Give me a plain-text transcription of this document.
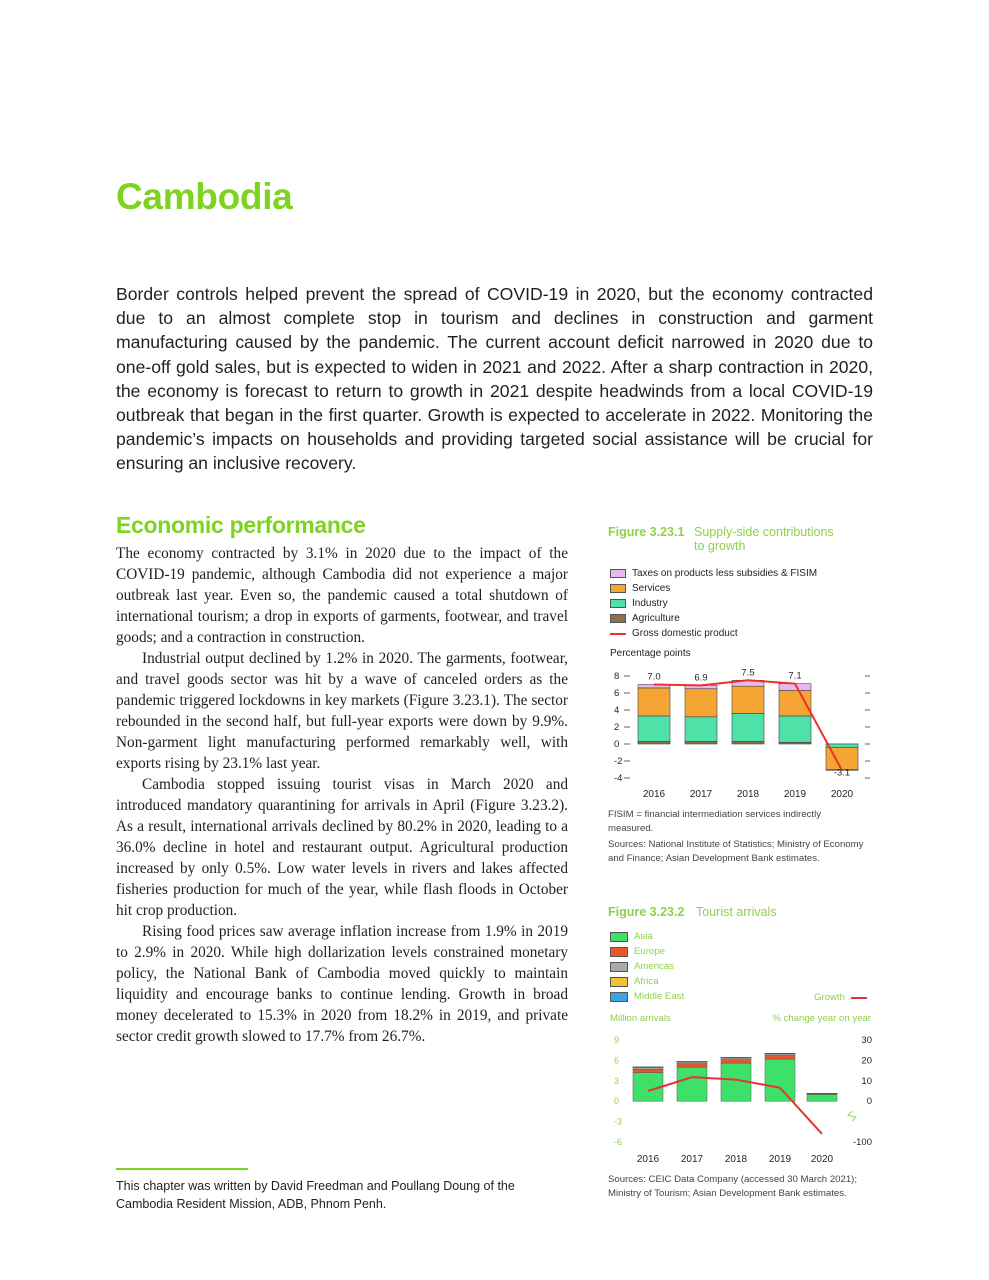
Cambodia
Border controls helped prevent the spread of COVID-19 in 2020, but the economy contracted due to an almost complete stop in tourism and declines in construction and garment manufacturing caused by the pandemic. The current account deficit narrowed in 2020 due to one-off gold sales, but is expected to widen in 2021 and 2022. After a sharp contraction in 2020, the economy is forecast to return to growth in 2021 despite headwinds from a local COVID-19 outbreak that began in the first quarter. Growth is expected to accelerate in 2022. Monitoring the pandemic’s impacts on households and providing targeted social assistance will be crucial for ensuring an inclusive recovery.
Economic performance

The economy contracted by 3.1% in 2020 due to the impact of the COVID-19 pandemic, although Cambodia did not experience a major outbreak last year. Even so, the pandemic caused a total shutdown of international tourism; a drop in exports of garments, footwear, and travel goods; and a contraction in construction.

Industrial output declined by 1.2% in 2020. The garments, footwear, and travel goods sector was hit by a wave of canceled orders as the pandemic triggered lockdowns in key markets (Figure 3.23.1). The sector rebounded in the second half, but full-year exports were down by 9.9%. Non-garment light manufacturing performed remarkably well, with exports rising by 23.1% last year.

Cambodia stopped issuing tourist visas in March 2020 and introduced mandatory quarantining for arrivals in April (Figure 3.23.2). As a result, international arrivals declined by 80.2% in 2020, leading to a 36.0% decline in hotel and restaurant output. Agricultural production increased by only 0.5%. Low water levels in rivers and lakes affected fisheries production for much of the year, while flash floods in October hit crop production.

Rising food prices saw average inflation increase from 1.9% in 2019 to 2.9% in 2020. While high dollarization levels constrained monetary policy, the National Bank of Cambodia moved quickly to maintain liquidity and encourage banks to continue lending. Growth in broad money decelerated to 15.3% in 2020 from 18.2% in 2019, and private sector credit growth slowed to 17.7% from 26.7%.

This chapter was written by David Freedman and Poullang Doung of the Cambodia Resident Mission, ADB, Phnom Penh.
Figure 3.23.1 Supply-side contributions
to growth
Taxes on products less subsidies & FISIM
Services
Industry
Agriculture
Gross domestic product
Percentage points
8
6
4
2
0
-2
-4
2016 2017 2018 2019 2020
7.0	6.9	7.5	7.1
-3.1
FISIM = financial intermediation services indirectly measured.
Sources: National Institute of Statistics; Ministry of Economy and Finance; Asian Development Bank estimates.
Figure 3.23.2 Tourist arrivals
Asia
Europe
Americas
Africa
Middle East	Growth
Million arrivals	% change year on year
9
6
3
0
-3
-6
30
20
10
0
-100
2016 2017 2018 2019 2020
Sources: CEIC Data Company (accessed 30 March 2021); Ministry of Tourism; Asian Development Bank estimates.
